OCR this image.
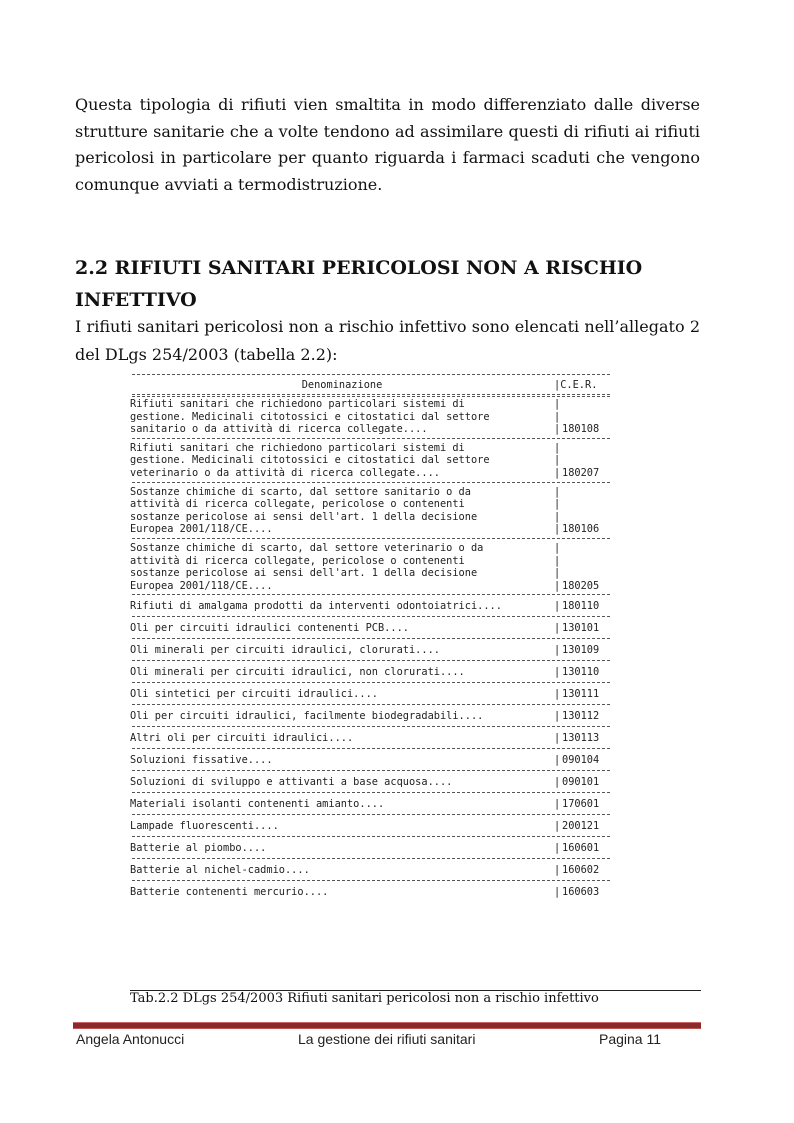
Questa tipologia di rifiuti vien smaltita in modo differenziato dalle diverse strutture sanitarie che a volte tendono ad assimilare questi di rifiuti ai rifiuti pericolosi in particolare per quanto riguarda i farmaci scaduti che vengono comunque avviati a termodistruzione.
2.2 RIFIUTI SANITARI PERICOLOSI NON A RISCHIO
INFETTIVO
I rifiuti sanitari pericolosi non a rischio infettivo sono elencati nell’allegato 2 del DLgs 254/2003 (tabella 2.2):
Denominazione	| C.E.R.
Rifiuti sanitari che richiedono particolari sistemi di	|
gestione. Medicinali citotossici e citostatici dal settore	|
sanitario o da attività di ricerca collegate....	| 180108
Rifiuti sanitari che richiedono particolari sistemi di	|
gestione. Medicinali citotossici e citostatici dal settore	|
veterinario o da attività di ricerca collegate....	| 180207
Sostanze chimiche di scarto, dal settore sanitario o da	|
attività di ricerca collegate, pericolose o contenenti	|
sostanze pericolose ai sensi dell'art. 1 della decisione	|
Europea 2001/118/CE....	| 180106
Sostanze chimiche di scarto, dal settore veterinario o da	|
attività di ricerca collegate, pericolose o contenenti	|
sostanze pericolose ai sensi dell'art. 1 della decisione	|
Europea 2001/118/CE....	| 180205
Rifiuti di amalgama prodotti da interventi odontoiatrici....	| 180110
Oli per circuiti idraulici contenenti PCB....	| 130101
Oli minerali per circuiti idraulici, clorurati....	| 130109
Oli minerali per circuiti idraulici, non clorurati....	| 130110
Oli sintetici per circuiti idraulici....	| 130111
Oli per circuiti idraulici, facilmente biodegradabili....	| 130112
Altri oli per circuiti idraulici....	| 130113
Soluzioni fissative....	| 090104
Soluzioni di sviluppo e attivanti a base acquosa....	| 090101
Materiali isolanti contenenti amianto....	| 170601
Lampade fluorescenti....	| 200121
Batterie al piombo....	| 160601
Batterie al nichel-cadmio....	| 160602
Batterie contenenti mercurio....	| 160603
Tab.2.2 DLgs 254/2003 Rifiuti sanitari pericolosi non a rischio infettivo
Angela Antonucci	La gestione dei rifiuti sanitari	Pagina 11
